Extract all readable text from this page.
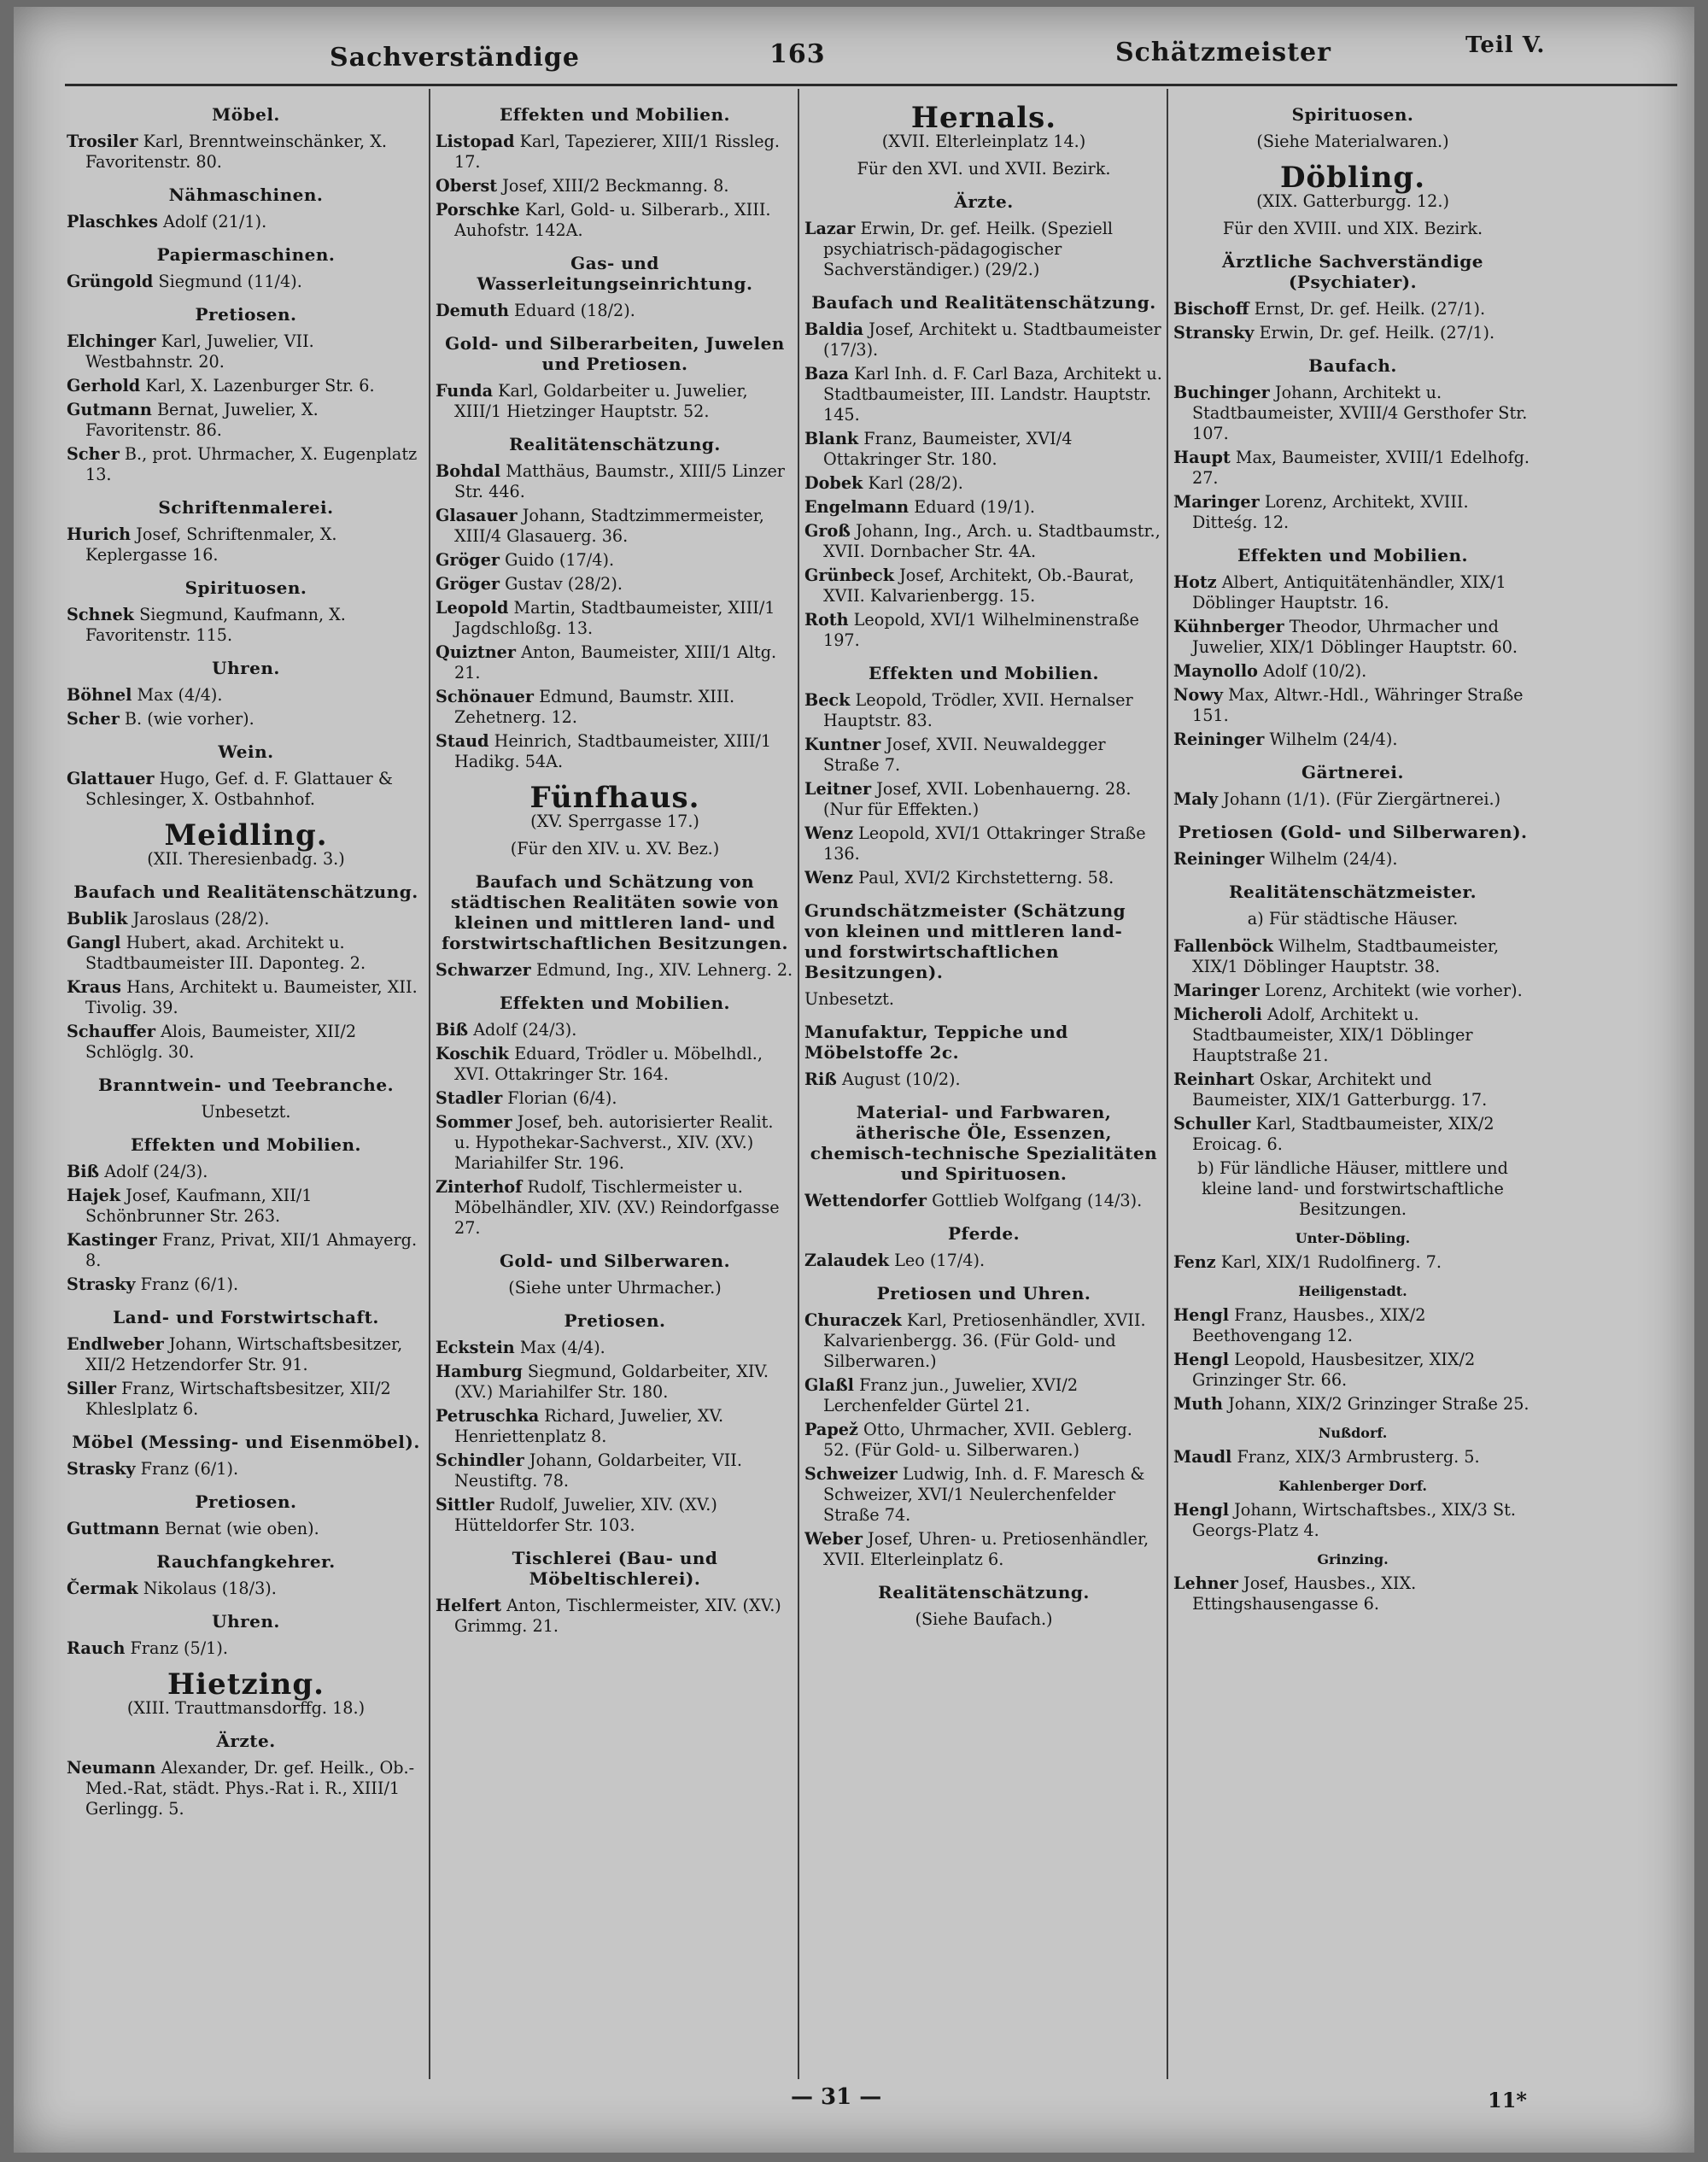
Sachverständige	163	Schätzmeister	Teil V.
Möbel.
Trosiler Karl, Brenntweinschänker, X. Favoritenstr. 80.
Nähmaschinen.
Plaschkes Adolf (21/1).
Papiermaschinen.
Grüngold Siegmund (11/4).
Pretiosen.
Elchinger Karl, Juwelier, VII. Westbahnstr. 20.
Gerhold Karl, X. Lazenburger Str. 6.
Gutmann Bernat, Juwelier, X. Favoritenstr. 86.
Scher B., prot. Uhrmacher, X. Eugenplatz 13.
Schriftenmalerei.
Hurich Josef, Schriftenmaler, X. Keplergasse 16.
Spirituosen.
Schnek Siegmund, Kaufmann, X. Favoritenstr. 115.
Uhren.
Böhnel Max (4/4).
Scher B. (wie vorher).
Wein.
Glattauer Hugo, Gef. d. F. Glattauer & Schlesinger, X. Ostbahnhof.
Meidling.
(XII. Theresienbadg. 3.)
Baufach und Realitätenschätzung.
Bublik Jaroslaus (28/2).
Gangl Hubert, akad. Architekt u. Stadtbaumeister III. Daponteg. 2.
Kraus Hans, Architekt u. Baumeister, XII. Tivolig. 39.
Schauffer Alois, Baumeister, XII/2 Schlöglg. 30.
Branntwein- und Teebranche.
Unbesetzt.
Effekten und Mobilien.
Biß Adolf (24/3).
Hajek Josef, Kaufmann, XII/1 Schönbrunner Str. 263.
Kastinger Franz, Privat, XII/1 Ahmayerg. 8.
Strasky Franz (6/1).
Land- und Forstwirtschaft.
Endlweber Johann, Wirtschaftsbesitzer, XII/2 Hetzendorfer Str. 91.
Siller Franz, Wirtschaftsbesitzer, XII/2 Khleslplatz 6.
Möbel (Messing- und Eisenmöbel).
Strasky Franz (6/1).
Pretiosen.
Guttmann Bernat (wie oben).
Rauchfangkehrer.
Čermak Nikolaus (18/3).
Uhren.
Rauch Franz (5/1).
Hietzing.
(XIII. Trauttmansdorffg. 18.)
Ärzte.
Neumann Alexander, Dr. gef. Heilk., Ob.-Med.-Rat, städt. Phys.-Rat i. R., XIII/1 Gerlingg. 5.
Effekten und Mobilien.
Listopad Karl, Tapezierer, XIII/1 Rissleg. 17.
Oberst Josef, XIII/2 Beckmanng. 8.
Porschke Karl, Gold- u. Silberarb., XIII. Auhofstr. 142A.
Gas- und Wasserleitungseinrichtung.
Demuth Eduard (18/2).
Gold- und Silberarbeiten, Juwelen und Pretiosen.
Funda Karl, Goldarbeiter u. Juwelier, XIII/1 Hietzinger Hauptstr. 52.
Realitätenschätzung.
Bohdal Matthäus, Baumstr., XIII/5 Linzer Str. 446.
Glasauer Johann, Stadtzimmermeister, XIII/4 Glasauerg. 36.
Gröger Guido (17/4).
Gröger Gustav (28/2).
Leopold Martin, Stadtbaumeister, XIII/1 Jagdschloßg. 13.
Quiztner Anton, Baumeister, XIII/1 Altg. 21.
Schönauer Edmund, Baumstr. XIII. Zehetnerg. 12.
Staud Heinrich, Stadtbaumeister, XIII/1 Hadikg. 54A.
Fünfhaus.
(XV. Sperrgasse 17.)
(Für den XIV. u. XV. Bez.)
Baufach und Schätzung von städtischen Realitäten sowie von kleinen und mittleren land- und forstwirtschaftlichen Besitzungen.
Schwarzer Edmund, Ing., XIV. Lehnerg. 2.
Effekten und Mobilien.
Biß Adolf (24/3).
Koschik Eduard, Trödler u. Möbelhdl., XVI. Ottakringer Str. 164.
Stadler Florian (6/4).
Sommer Josef, beh. autorisierter Realit. u. Hypothekar-Sachverst., XIV. (XV.) Mariahilfer Str. 196.
Zinterhof Rudolf, Tischlermeister u. Möbelhändler, XIV. (XV.) Reindorfgasse 27.
Gold- und Silberwaren.
(Siehe unter Uhrmacher.)
Pretiosen.
Eckstein Max (4/4).
Hamburg Siegmund, Goldarbeiter, XIV. (XV.) Mariahilfer Str. 180.
Petruschka Richard, Juwelier, XV. Henriettenplatz 8.
Schindler Johann, Goldarbeiter, VII. Neustiftg. 78.
Sittler Rudolf, Juwelier, XIV. (XV.) Hütteldorfer Str. 103.
Tischlerei (Bau- und Möbeltischlerei).
Helfert Anton, Tischlermeister, XIV. (XV.) Grimmg. 21.
Hernals.
(XVII. Elterleinplatz 14.)
Für den XVI. und XVII. Bezirk.
Ärzte.
Lazar Erwin, Dr. gef. Heilk. (Speziell psychiatrisch-pädagogischer Sachverständiger.) (29/2.)
Baufach und Realitätenschätzung.
Baldia Josef, Architekt u. Stadtbaumeister (17/3).
Baza Karl Inh. d. F. Carl Baza, Architekt u. Stadtbaumeister, III. Landstr. Hauptstr. 145.
Blank Franz, Baumeister, XVI/4 Ottakringer Str. 180.
Dobek Karl (28/2).
Engelmann Eduard (19/1).
Groß Johann, Ing., Arch. u. Stadtbaumstr., XVII. Dornbacher Str. 4A.
Grünbeck Josef, Architekt, Ob.-Baurat, XVII. Kalvarienbergg. 15.
Roth Leopold, XVI/1 Wilhelminenstraße 197.
Effekten und Mobilien.
Beck Leopold, Trödler, XVII. Hernalser Hauptstr. 83.
Kuntner Josef, XVII. Neuwaldegger Straße 7.
Leitner Josef, XVII. Lobenhauerng. 28. (Nur für Effekten.)
Wenz Leopold, XVI/1 Ottakringer Straße 136.
Wenz Paul, XVI/2 Kirchstetterng. 58.
Grundschätzmeister (Schätzung von kleinen und mittleren land- und forstwirtschaftlichen Besitzungen).
Unbesetzt.
Manufaktur, Teppiche und Möbelstoffe 2c.
Riß August (10/2).
Material- und Farbwaren, ätherische Öle, Essenzen, chemisch-technische Spezialitäten und Spirituosen.
Wettendorfer Gottlieb Wolfgang (14/3).
Pferde.
Zalaudek Leo (17/4).
Pretiosen und Uhren.
Churaczek Karl, Pretiosenhändler, XVII. Kalvarienbergg. 36. (Für Gold- und Silberwaren.)
Glaßl Franz jun., Juwelier, XVI/2 Lerchenfelder Gürtel 21.
Papež Otto, Uhrmacher, XVII. Geblerg. 52. (Für Gold- u. Silberwaren.)
Schweizer Ludwig, Inh. d. F. Maresch & Schweizer, XVI/1 Neulerchenfelder Straße 74.
Weber Josef, Uhren- u. Pretiosenhändler, XVII. Elterleinplatz 6.
Realitätenschätzung.
(Siehe Baufach.)
Spirituosen.
(Siehe Materialwaren.)
Döbling.
(XIX. Gatterburgg. 12.)
Für den XVIII. und XIX. Bezirk.
Ärztliche Sachverständige (Psychiater).
Bischoff Ernst, Dr. gef. Heilk. (27/1).
Stransky Erwin, Dr. gef. Heilk. (27/1).
Baufach.
Buchinger Johann, Architekt u. Stadtbaumeister, XVIII/4 Gersthofer Str. 107.
Haupt Max, Baumeister, XVIII/1 Edelhofg. 27.
Maringer Lorenz, Architekt, XVIII. Ditteśg. 12.
Effekten und Mobilien.
Hotz Albert, Antiquitätenhändler, XIX/1 Döblinger Hauptstr. 16.
Kühnberger Theodor, Uhrmacher und Juwelier, XIX/1 Döblinger Hauptstr. 60.
Maynollo Adolf (10/2).
Nowy Max, Altwr.-Hdl., Währinger Straße 151.
Reininger Wilhelm (24/4).
Gärtnerei.
Maly Johann (1/1). (Für Ziergärtnerei.)
Pretiosen (Gold- und Silberwaren).
Reininger Wilhelm (24/4).
Realitätenschätzmeister.
a) Für städtische Häuser.
Fallenböck Wilhelm, Stadtbaumeister, XIX/1 Döblinger Hauptstr. 38.
Maringer Lorenz, Architekt (wie vorher).
Micheroli Adolf, Architekt u. Stadtbaumeister, XIX/1 Döblinger Hauptstraße 21.
Reinhart Oskar, Architekt und Baumeister, XIX/1 Gatterburgg. 17.
Schuller Karl, Stadtbaumeister, XIX/2 Eroicag. 6.
b) Für ländliche Häuser, mittlere und kleine land- und forstwirtschaftliche Besitzungen.
Unter-Döbling.
Fenz Karl, XIX/1 Rudolfinerg. 7.
Heiligenstadt.
Hengl Franz, Hausbes., XIX/2 Beethovengang 12.
Hengl Leopold, Hausbesitzer, XIX/2 Grinzinger Str. 66.
Muth Johann, XIX/2 Grinzinger Straße 25.
Nußdorf.
Maudl Franz, XIX/3 Armbrusterg. 5.
Kahlenberger Dorf.
Hengl Johann, Wirtschaftsbes., XIX/3 St. Georgs-Platz 4.
Grinzing.
Lehner Josef, Hausbes., XIX. Ettingshausengasse 6.
— 31 —	11*
